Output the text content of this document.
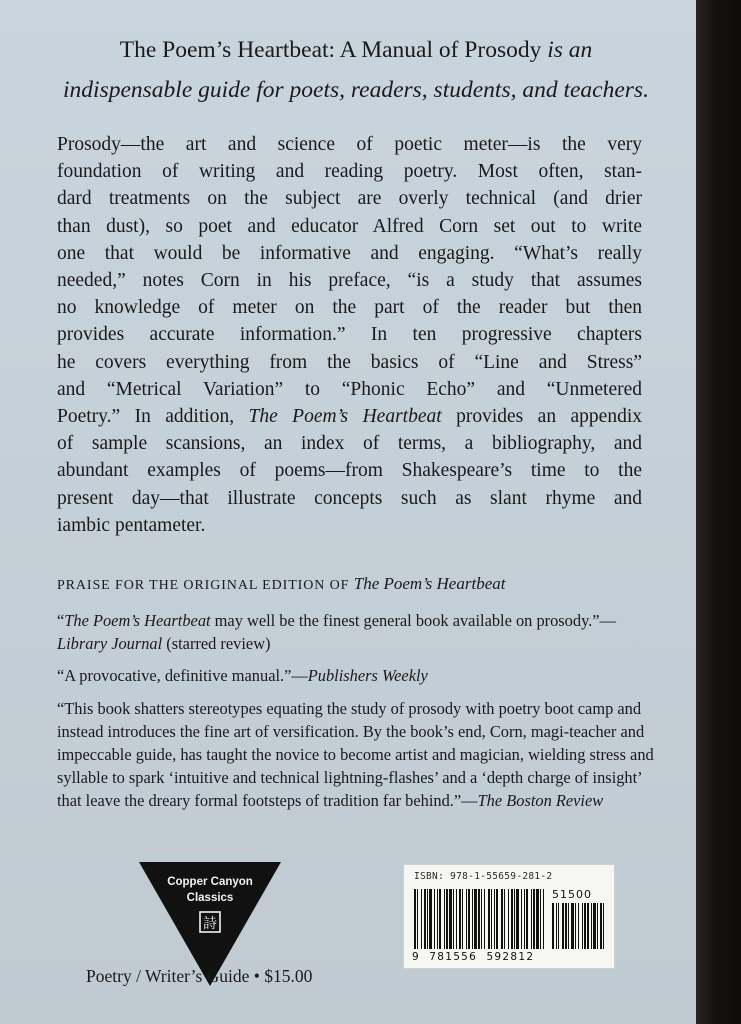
The Poem’s Heartbeat: A Manual of Prosody is an
indispensable guide for poets, readers, students, and teachers.

Prosody—the art and science of poetic meter—is the very
foundation of writing and reading poetry. Most often, stan-
dard treatments on the subject are overly technical (and drier
than dust), so poet and educator Alfred Corn set out to write
one that would be informative and engaging. “What’s really
needed,” notes Corn in his preface, “is a study that assumes
no knowledge of meter on the part of the reader but then
provides accurate information.” In ten progressive chapters
he covers everything from the basics of “Line and Stress”
and “Metrical Variation” to “Phonic Echo” and “Unmetered
Poetry.” In addition, The Poem’s Heartbeat provides an appendix
of sample scansions, an index of terms, a bibliography, and
abundant examples of poems—from Shakespeare’s time to the
present day—that illustrate concepts such as slant rhyme and
iambic pentameter.

PRAISE FOR THE ORIGINAL EDITION OF The Poem’s Heartbeat
“The Poem’s Heartbeat may well be the finest general book available on prosody.”—Library Journal (starred review)
“A provocative, definitive manual.”—Publishers Weekly
“This book shatters stereotypes equating the study of prosody with poetry boot camp and instead introduces the fine art of versification. By the book’s end, Corn, magi-teacher and impeccable guide, has taught the novice to become artist and magician, wielding stress and syllable to spark ‘intuitive and technical lightning-flashes’ and a ‘depth charge of insight’ that leave the dreary formal footsteps of tradition far behind.”—The Boston Review
Copper Canyon
Classics
詩
Poetry / Writer’s Guide • $15.00
ISBN: 978-1-55659-281-2
51500
9 781556 592812
